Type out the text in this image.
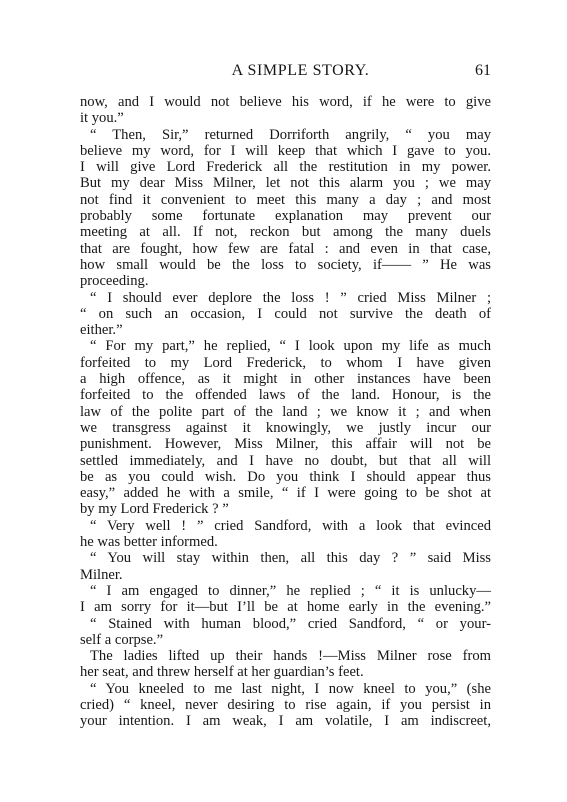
A SIMPLE STORY.	61
now, and I would not believe his word, if he were to give
it you.”
“ Then, Sir,” returned Dorriforth angrily, “ you may
believe my word, for I will keep that which I gave to you.
I will give Lord Frederick all the restitution in my power.
But my dear Miss Milner, let not this alarm you ; we may
not find it convenient to meet this many a day ; and most
probably some fortunate explanation may prevent our
meeting at all. If not, reckon but among the many duels
that are fought, how few are fatal : and even in that case,
how small would be the loss to society, if—— ” He was
proceeding.
“ I should ever deplore the loss ! ” cried Miss Milner ;
“ on such an occasion, I could not survive the death of
either.”
“ For my part,” he replied, “ I look upon my life as much
forfeited to my Lord Frederick, to whom I have given
a high offence, as it might in other instances have been
forfeited to the offended laws of the land. Honour, is the
law of the polite part of the land ; we know it ; and when
we transgress against it knowingly, we justly incur our
punishment. However, Miss Milner, this affair will not be
settled immediately, and I have no doubt, but that all will
be as you could wish. Do you think I should appear thus
easy,” added he with a smile, “ if I were going to be shot at
by my Lord Frederick ? ”
“ Very well ! ” cried Sandford, with a look that evinced
he was better informed.
“ You will stay within then, all this day ? ” said Miss
Milner.
“ I am engaged to dinner,” he replied ; “ it is unlucky—
I am sorry for it—but I’ll be at home early in the evening.”
“ Stained with human blood,” cried Sandford, “ or your-
self a corpse.”
The ladies lifted up their hands !—Miss Milner rose from
her seat, and threw herself at her guardian’s feet.
“ You kneeled to me last night, I now kneel to you,” (she
cried) “ kneel, never desiring to rise again, if you persist in
your intention. I am weak, I am volatile, I am indiscreet,
